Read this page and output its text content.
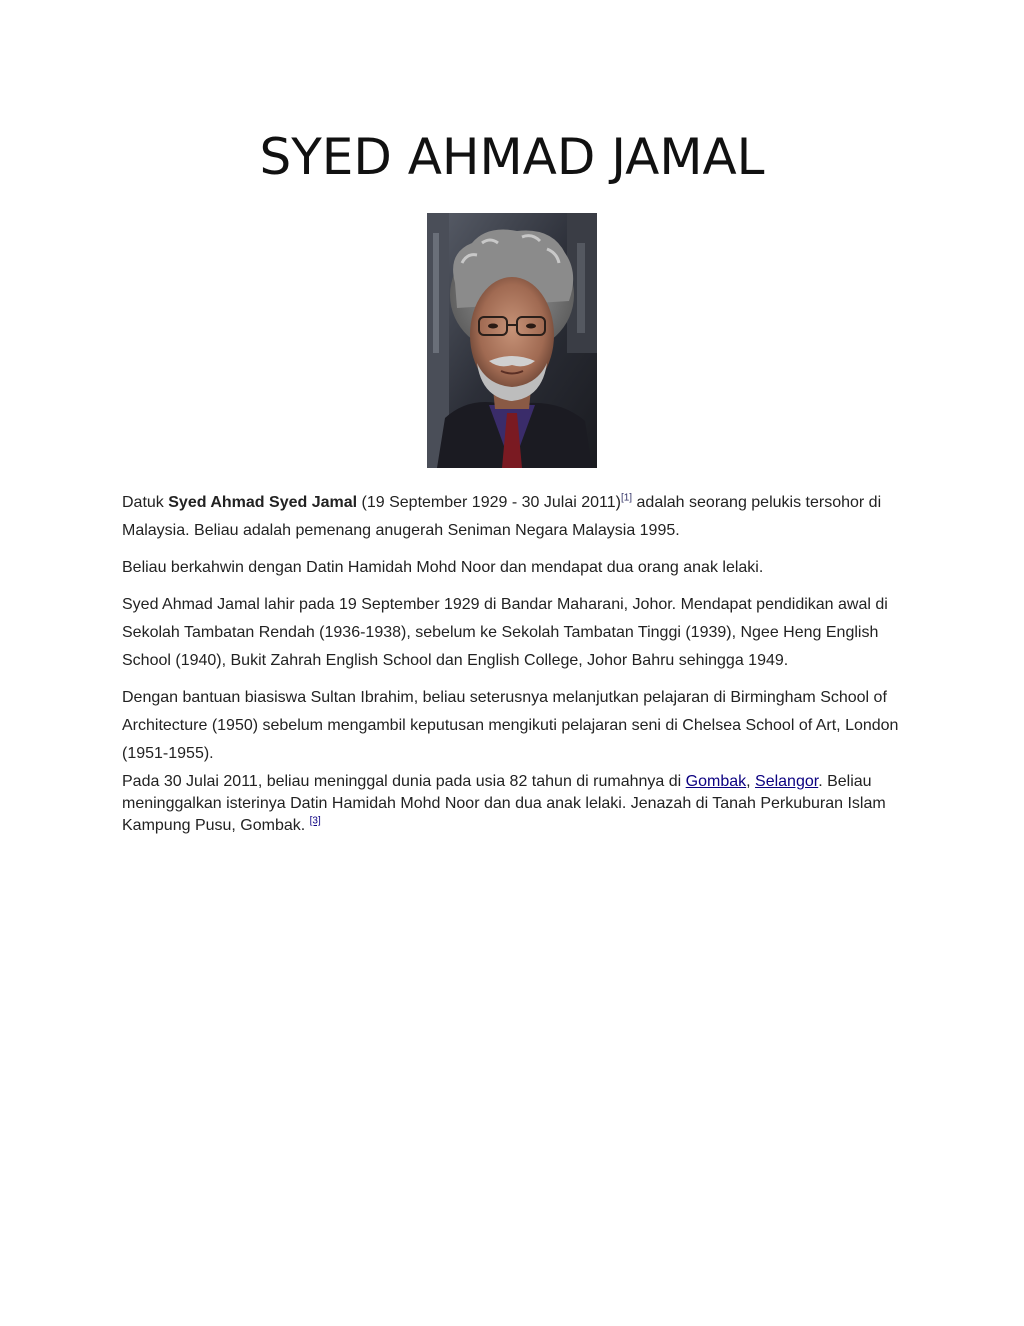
SYED AHMAD JAMAL

Datuk Syed Ahmad Syed Jamal (19 September 1929 - 30 Julai 2011)[1] adalah seorang pelukis tersohor di Malaysia. Beliau adalah pemenang anugerah Seniman Negara Malaysia 1995.

Beliau berkahwin dengan Datin Hamidah Mohd Noor dan mendapat dua orang anak lelaki.

Syed Ahmad Jamal lahir pada 19 September 1929 di Bandar Maharani, Johor. Mendapat pendidikan awal di Sekolah Tambatan Rendah (1936-1938), sebelum ke Sekolah Tambatan Tinggi (1939), Ngee Heng English School (1940), Bukit Zahrah English School dan English College, Johor Bahru sehingga 1949.

Dengan bantuan biasiswa Sultan Ibrahim, beliau seterusnya melanjutkan pelajaran di Birmingham School of Architecture (1950) sebelum mengambil keputusan mengikuti pelajaran seni di Chelsea School of Art, London (1951-1955).

Pada 30 Julai 2011, beliau meninggal dunia pada usia 82 tahun di rumahnya di Gombak, Selangor. Beliau meninggalkan isterinya Datin Hamidah Mohd Noor dan dua anak lelaki. Jenazah di Tanah Perkuburan Islam Kampung Pusu, Gombak. [3]
